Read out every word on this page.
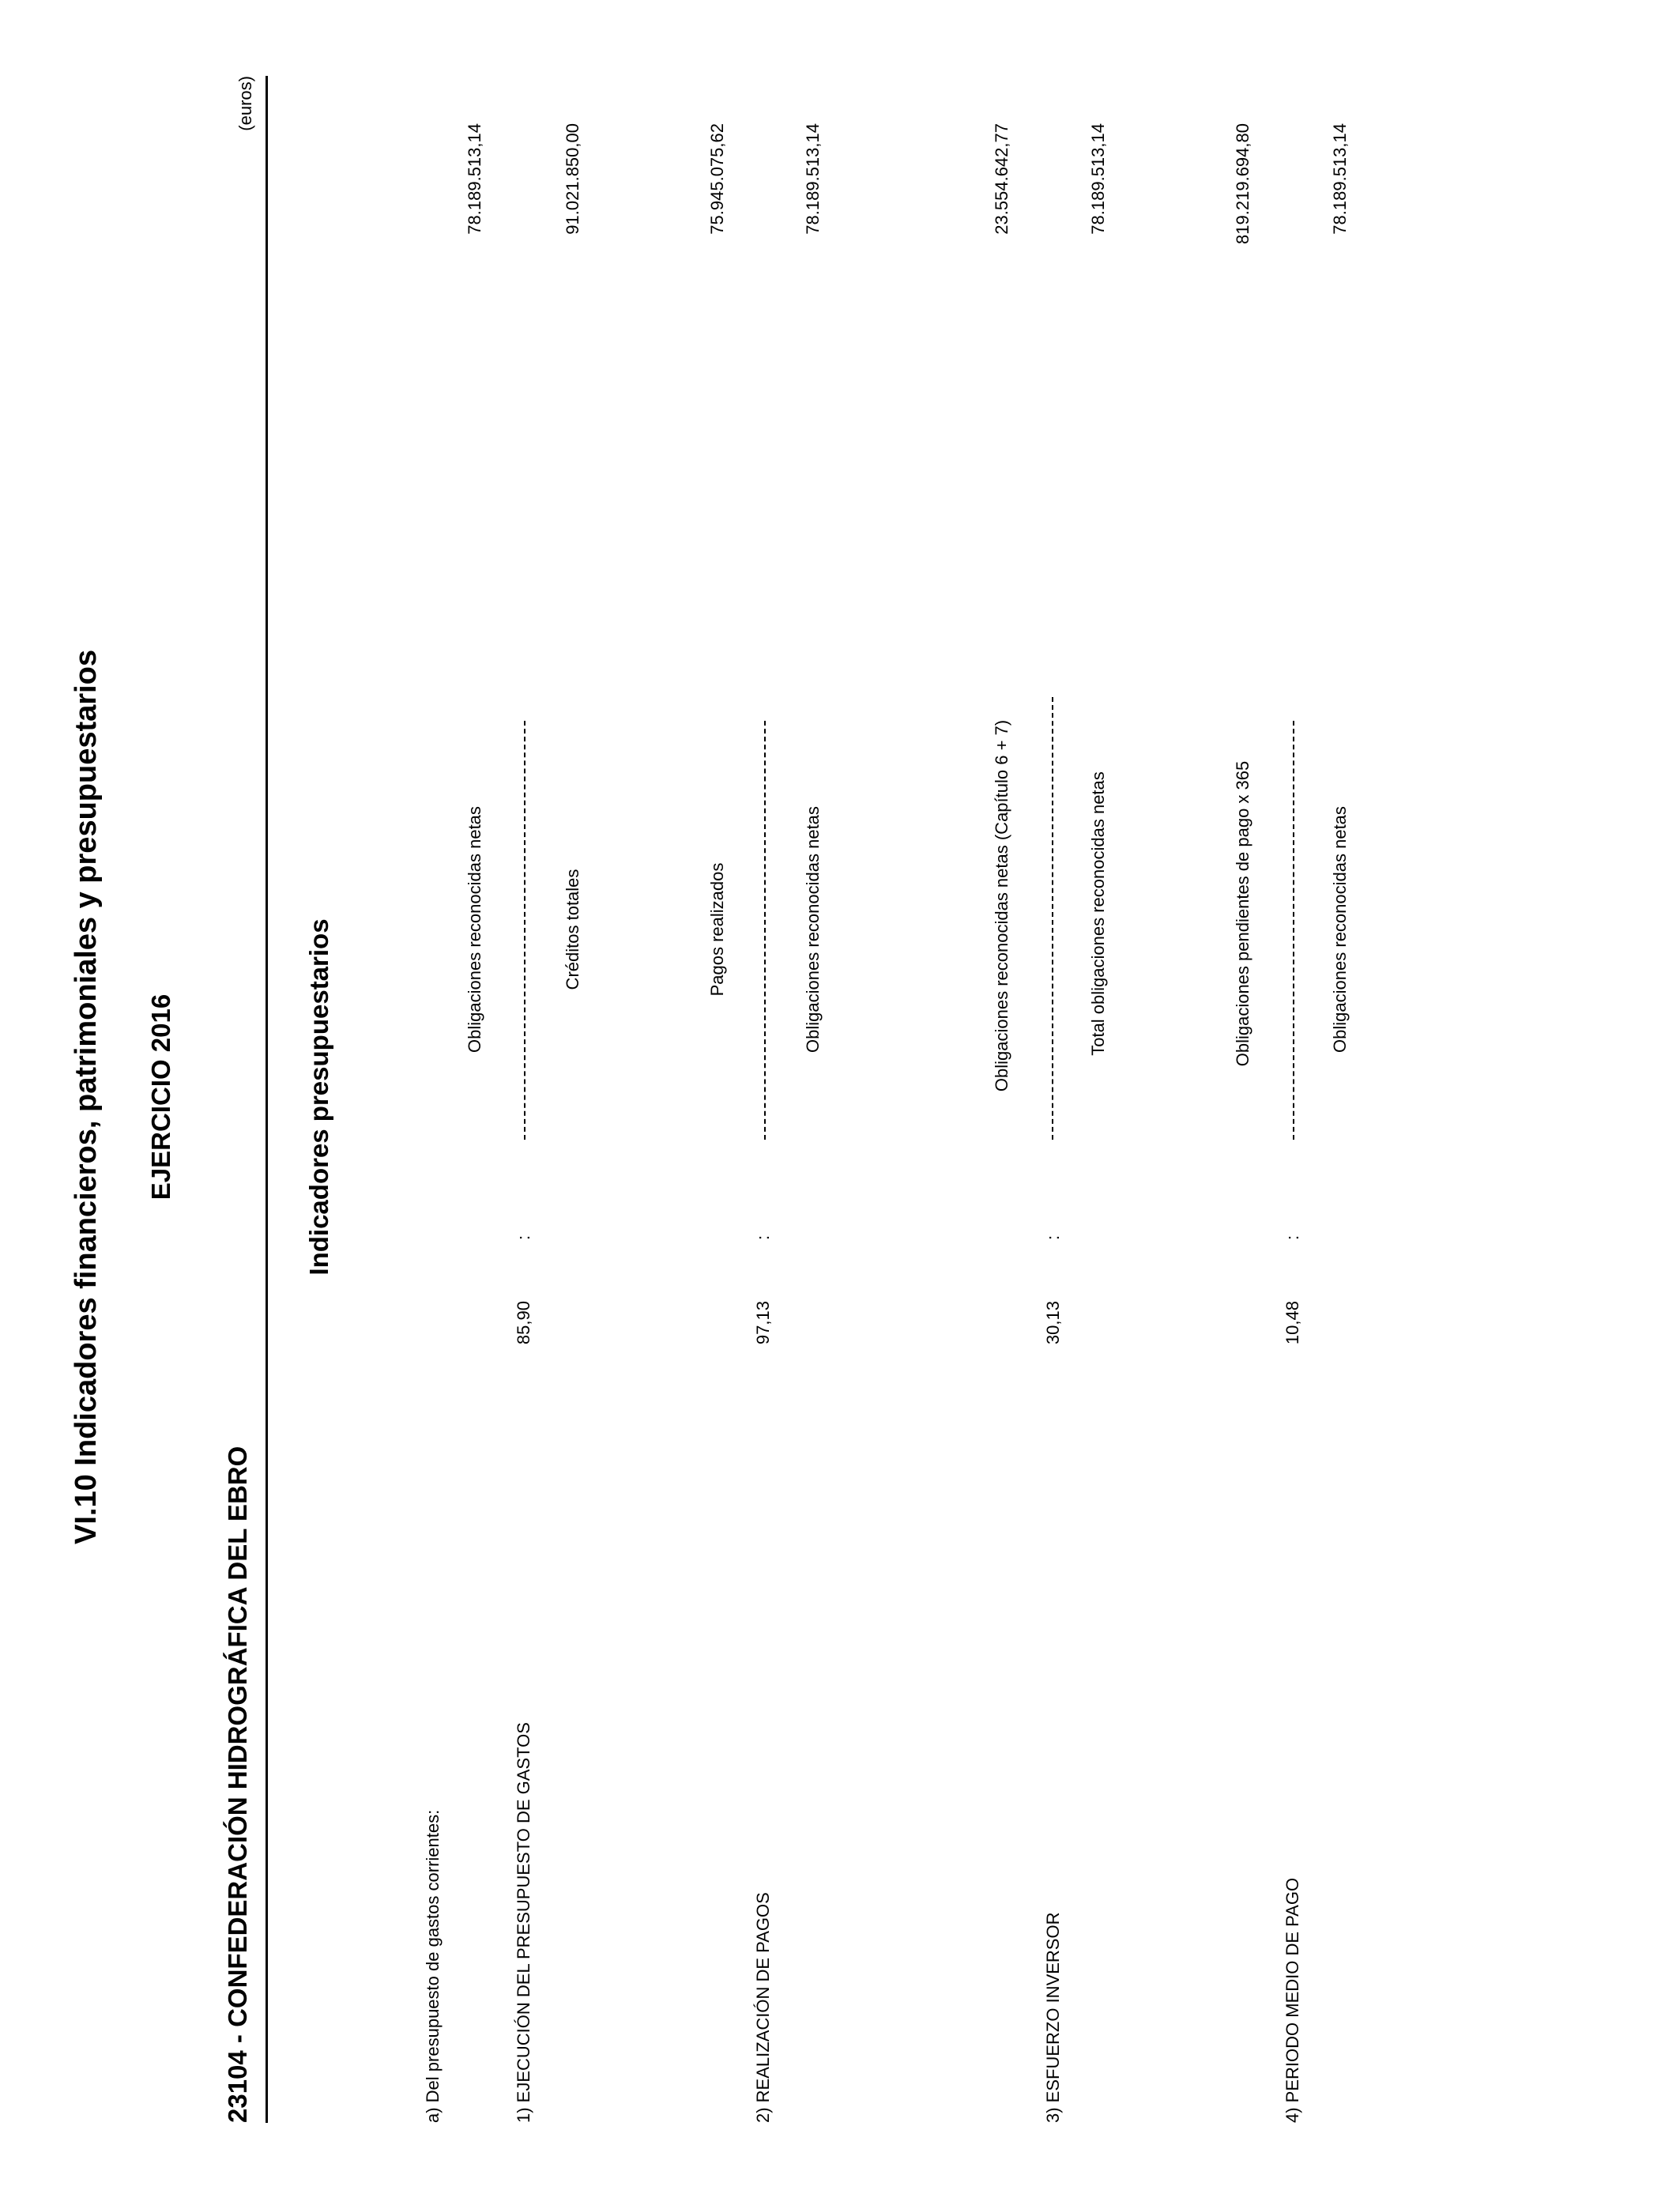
VI.10 Indicadores financieros, patrimoniales y presupuestarios EJERCICIO 2016
23104 - CONFEDERACIÓN HIDROGRÁFICA DEL EBRO
(euros)
Indicadores presupuestarios
a) Del presupuesto de gastos corrientes:	1) EJECUCIÓN DEL PRESUPUESTO DE GASTOS
85,90
:
Obligaciones reconocidas netas	Créditos totales
78.189.513,14	91.021.850,00
2) REALIZACIÓN DE PAGOS
97,13
:
Pagos realizados	Obligaciones reconocidas netas
75.945.075,62	78.189.513,14
3) ESFUERZO INVERSOR
30,13
:
Obligaciones reconocidas netas (Capítulo 6 + 7)	Total obligaciones reconocidas netas
23.554.642,77	78.189.513,14
4) PERIODO MEDIO DE PAGO
10,48
:
Obligaciones pendientes de pago x 365	Obligaciones reconocidas netas
819.219.694,80	78.189.513,14
